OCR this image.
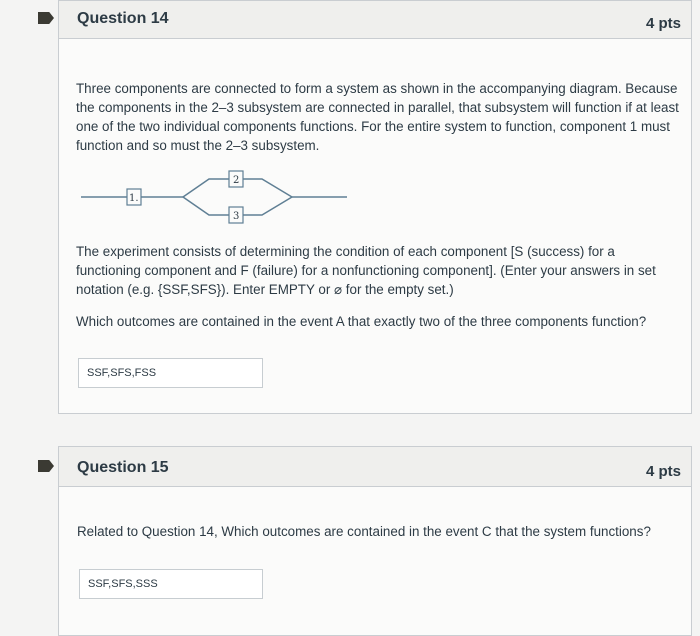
Question 14	4 pts
Three components are connected to form a system as shown in the accompanying diagram. Because the components in the 2–3 subsystem are connected in parallel, that subsystem will function if at least one of the two individual components functions. For the entire system to function, component 1 must function and so must the 2–3 subsystem.
1.
2
3
The experiment consists of determining the condition of each component [S (success) for a functioning component and F (failure) for a nonfunctioning component]. (Enter your answers in set notation (e.g. {SSF,SFS}). Enter EMPTY or ⌀ for the empty set.)
Which outcomes are contained in the event A that exactly two of the three components function?
SSF,SFS,FSS
Question 15	4 pts
Related to Question 14, Which outcomes are contained in the event C that the system functions?
SSF,SFS,SSS
